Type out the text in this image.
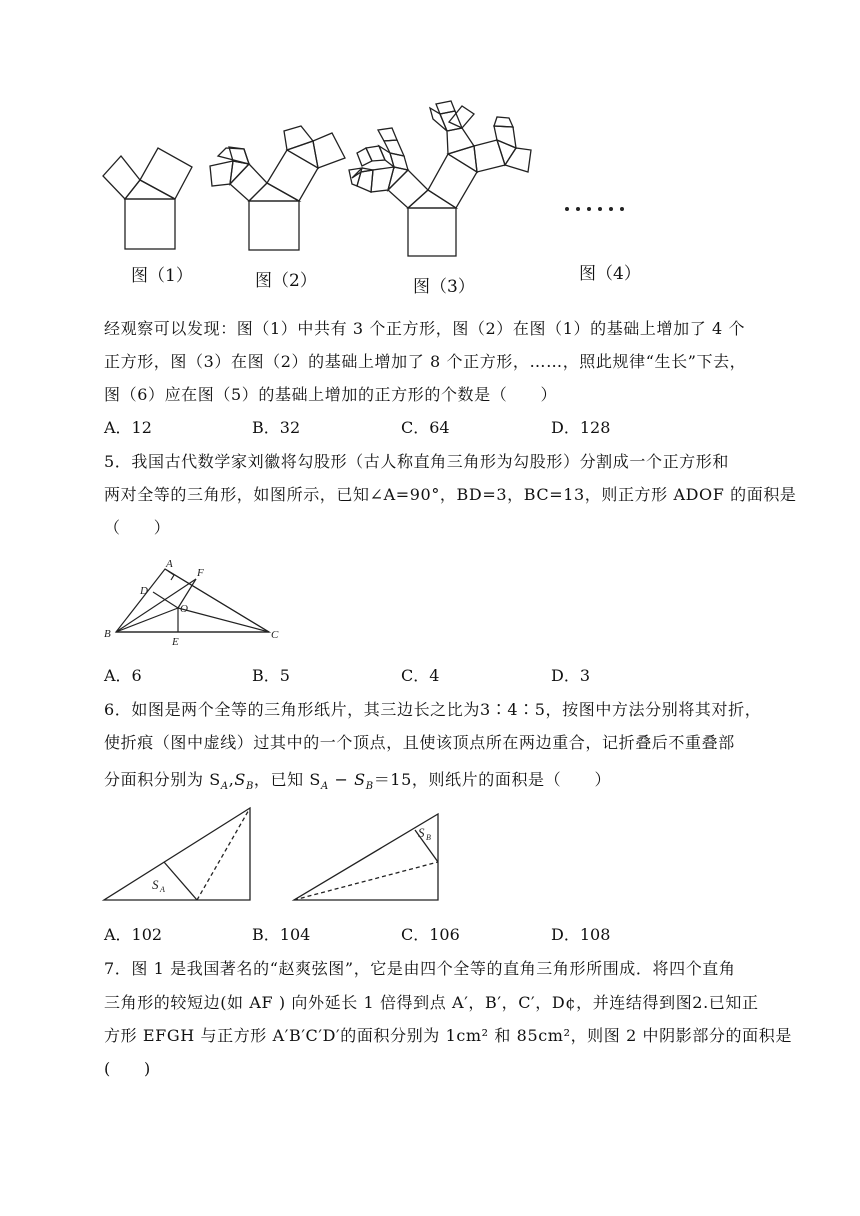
图（1）	图（2）	图（3）
图（4）
经观察可以发现：图（1）中共有 3 个正方形，图（2）在图（1）的基础上增加了 4 个
正方形，图（3）在图（2）的基础上增加了 8 个正方形，……，照此规律“生长”下去，
图（6）应在图（5）的基础上增加的正方形的个数是（　　）
A．12	B．32	C．64	D．128
5．我国古代数学家刘徽将勾股形（古人称直角三角形为勾股形）分割成一个正方形和
两对全等的三角形，如图所示，已知∠A=90°，BD=3，BC=13，则正方形 ADOF 的面积是
（　　）
A
D
F
O
B
E
C
A．6	B．5	C．4	D．3
6．如图是两个全等的三角形纸片，其三边长之比为3∶4∶5，按图中方法分别将其对折，
使折痕（图中虚线）过其中的一个顶点，且使该顶点所在两边重合，记折叠后不重叠部
分面积分别为 $S_A,S_B$，已知 $S_A - S_B=15$，则纸片的面积是（　　）
S A
S B
A．102	B．104	C．106	D．108
7．图 1 是我国著名的“赵爽弦图”，它是由四个全等的直角三角形所围成．将四个直角
三角形的较短边(如 AF ) 向外延长 1 倍得到点 A′，B′，C′，D¢，并连结得到图2.已知正
方形 EFGH 与正方形 A′B′C′D′的面积分别为 1cm² 和 85cm²，则图 2 中阴影部分的面积是
(　　)
